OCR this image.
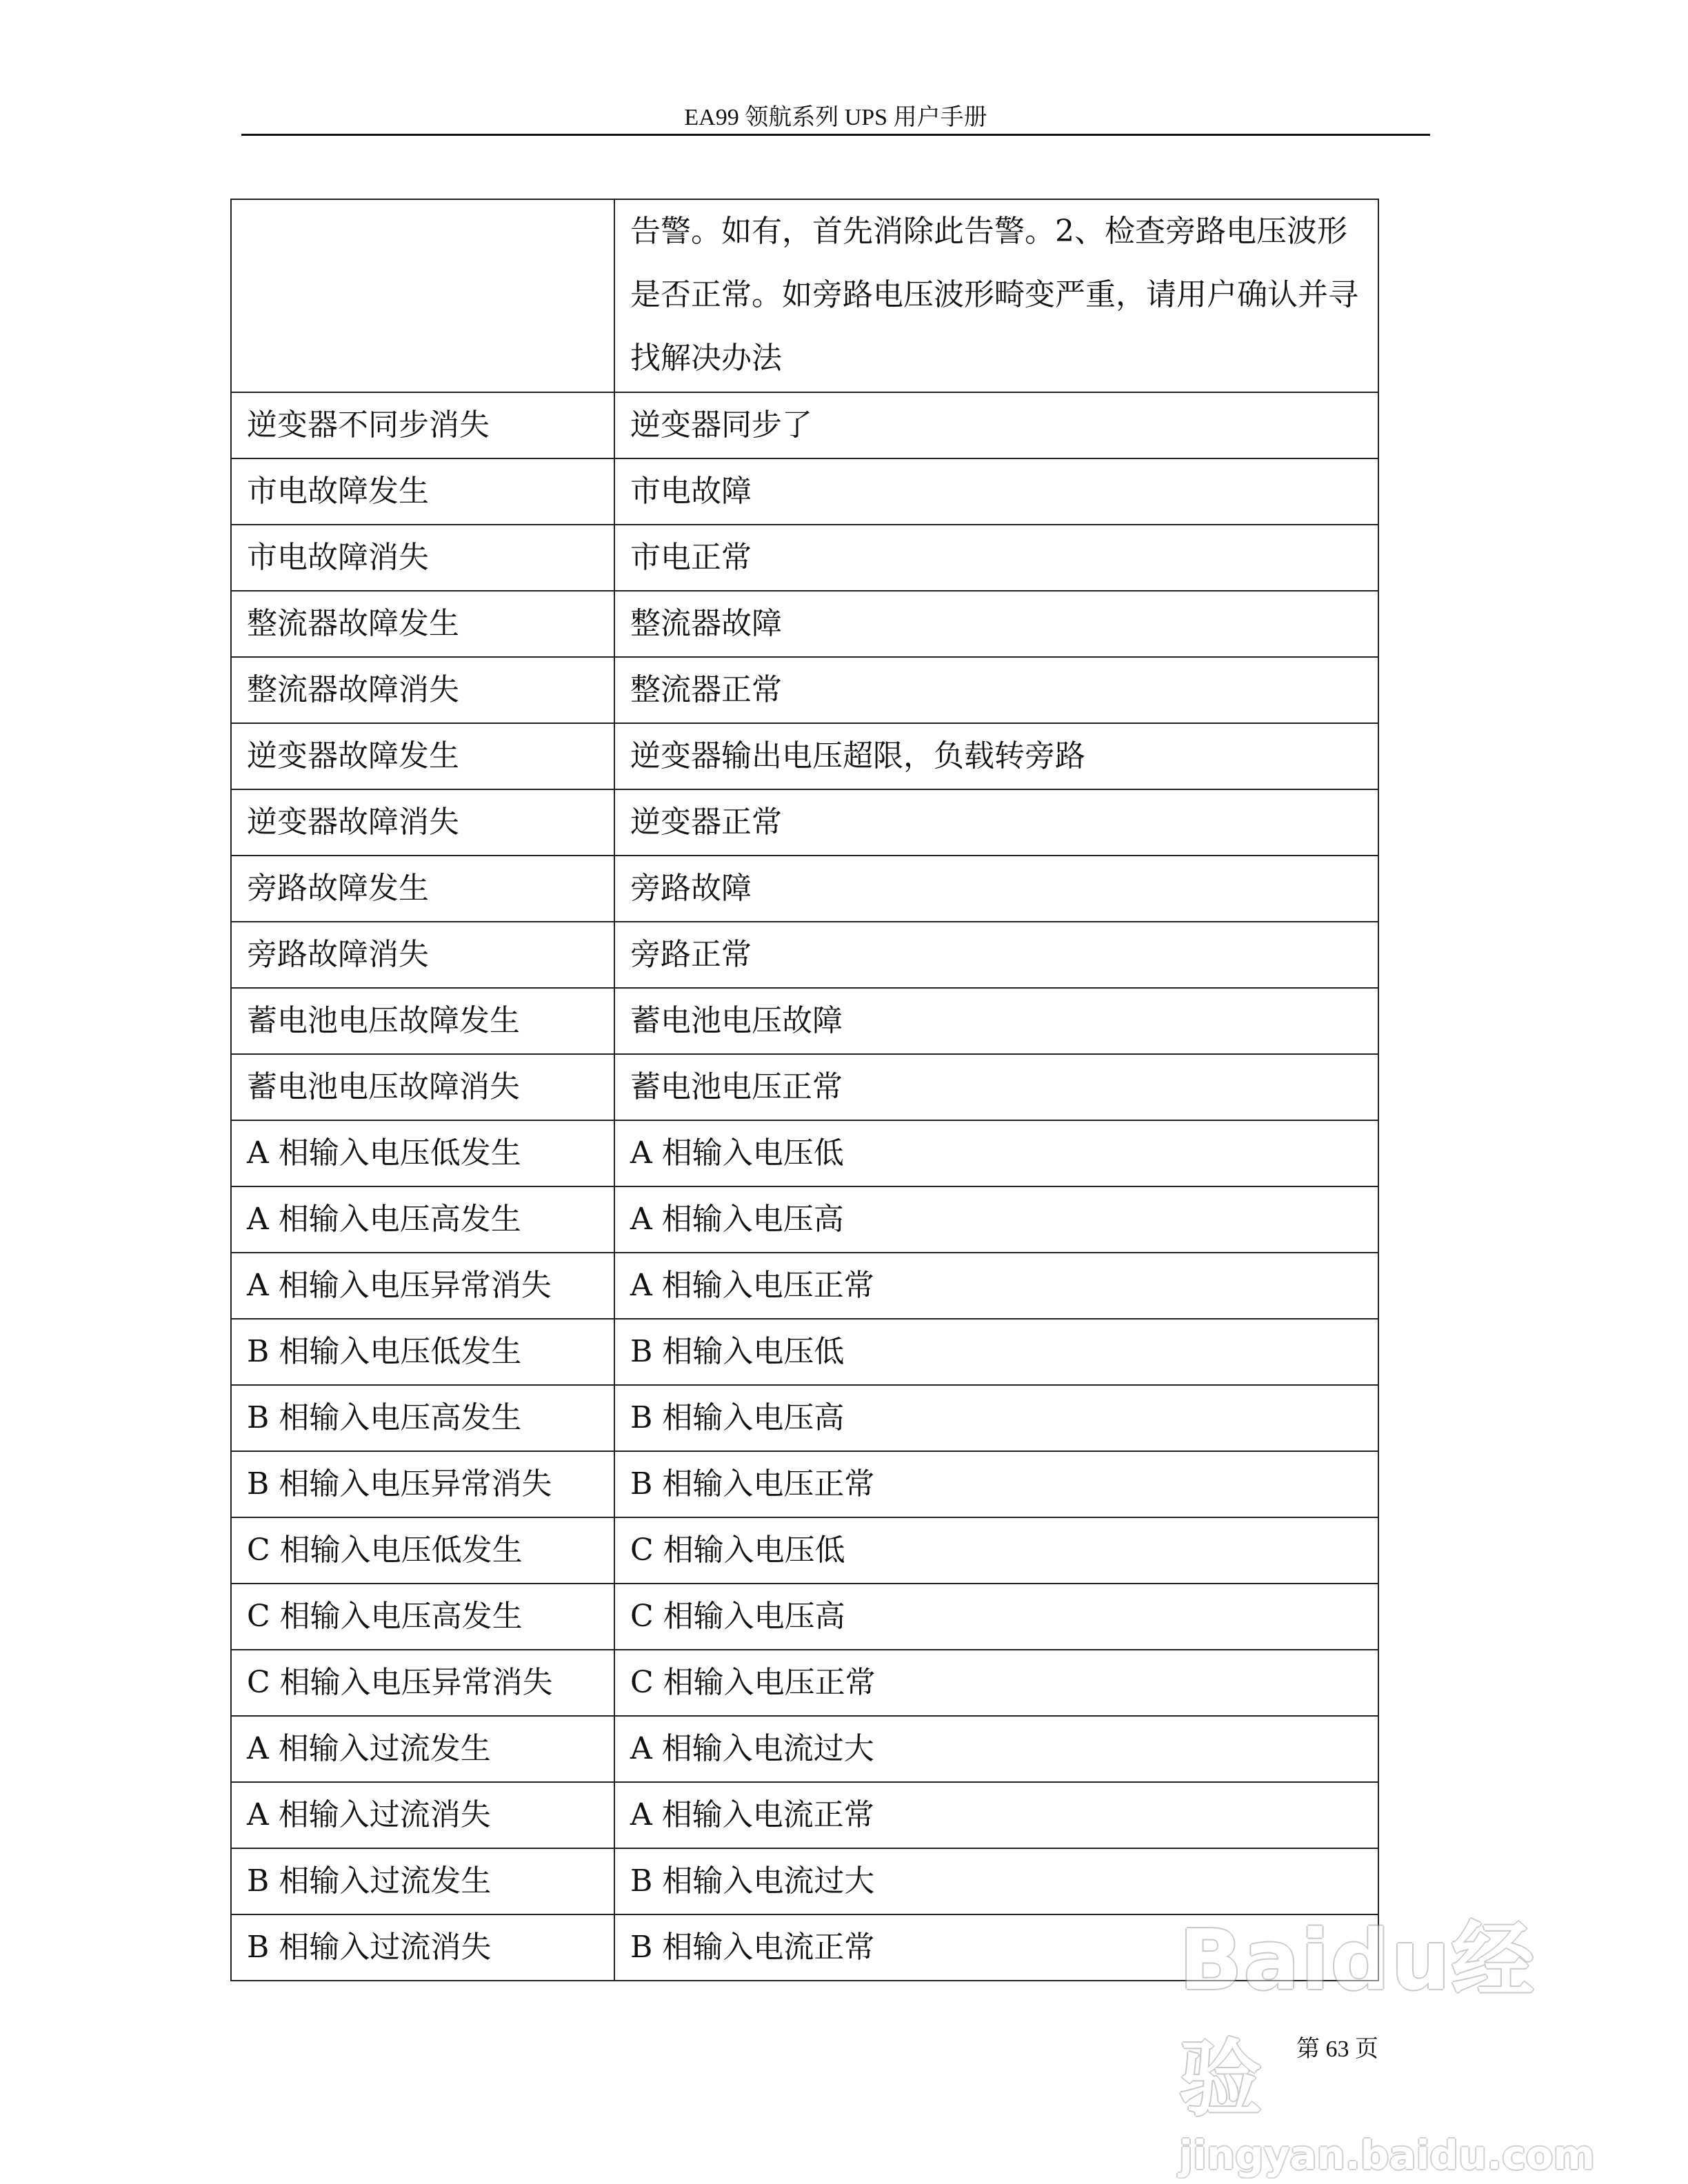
EA99 领航系列 UPS 用户手册
	告警。如有，首先消除此告警。2、检查旁路电压波形是否正常。如旁路电压波形畸变严重，请用户确认并寻找解决办法
逆变器不同步消失	逆变器同步了
市电故障发生	市电故障
市电故障消失	市电正常
整流器故障发生	整流器故障
整流器故障消失	整流器正常
逆变器故障发生	逆变器输出电压超限，负载转旁路
逆变器故障消失	逆变器正常
旁路故障发生	旁路故障
旁路故障消失	旁路正常
蓄电池电压故障发生	蓄电池电压故障
蓄电池电压故障消失	蓄电池电压正常
A 相输入电压低发生	A 相输入电压低
A 相输入电压高发生	A 相输入电压高
A 相输入电压异常消失	A 相输入电压正常
B 相输入电压低发生	B 相输入电压低
B 相输入电压高发生	B 相输入电压高
B 相输入电压异常消失	B 相输入电压正常
C 相输入电压低发生	C 相输入电压低
C 相输入电压高发生	C 相输入电压高
C 相输入电压异常消失	C 相输入电压正常
A 相输入过流发生	A 相输入电流过大
A 相输入过流消失	A 相输入电流正常
B 相输入过流发生	B 相输入电流过大
B 相输入过流消失	B 相输入电流正常
第 63 页
Baidu经验
jingyan.baidu.com
